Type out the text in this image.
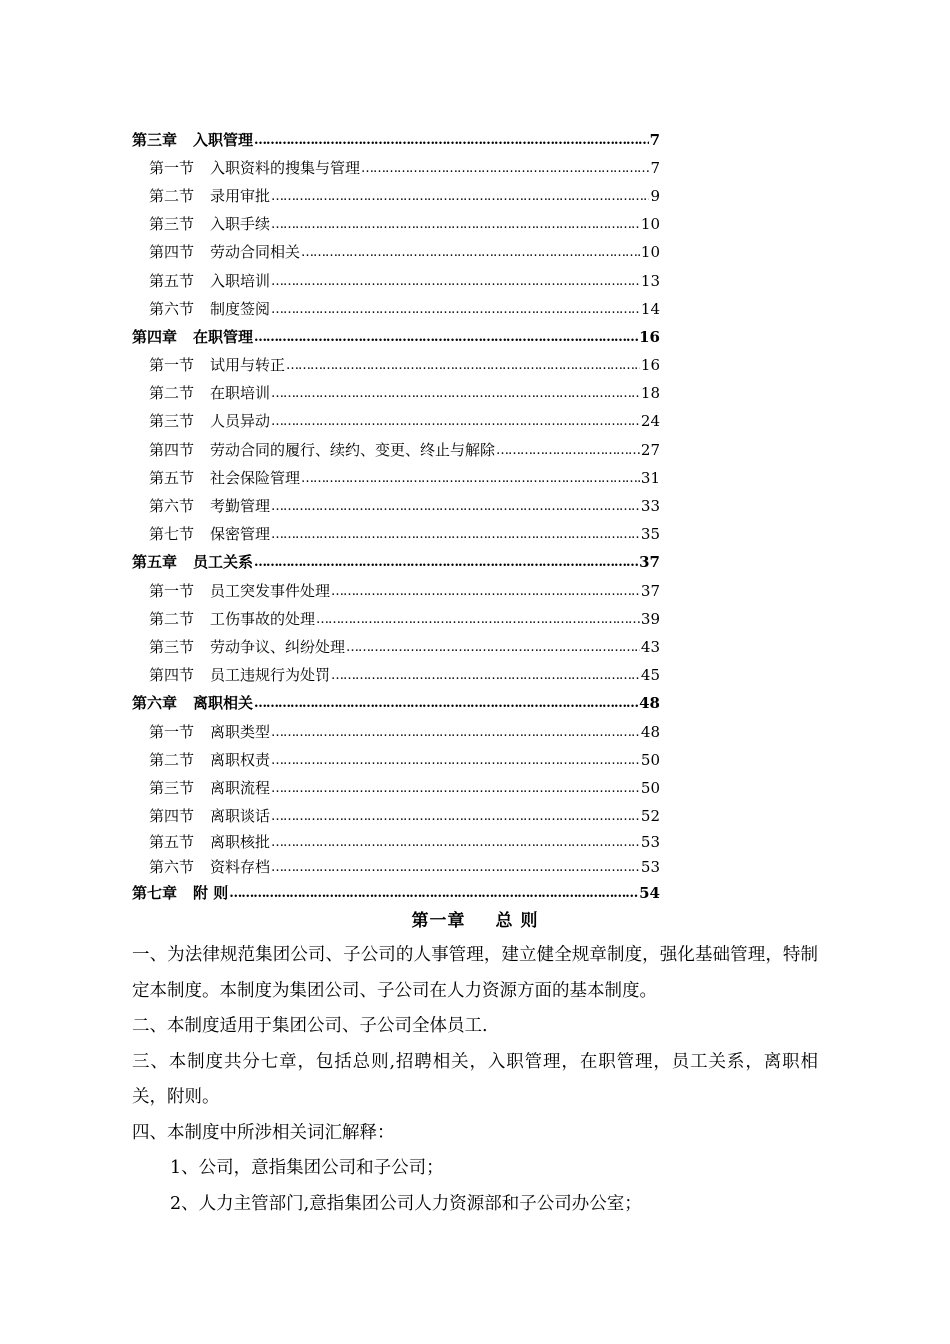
第三章 入职管理 ……………………………………………………………………………………………………………………………………………………………………………	7
第一节 入职资料的搜集与管理 ……………………………………………………………………………………………………………………………………………………………………………	7
第二节 录用审批 ……………………………………………………………………………………………………………………………………………………………………………	9
第三节 入职手续 ……………………………………………………………………………………………………………………………………………………………………………	10
第四节 劳动合同相关 ……………………………………………………………………………………………………………………………………………………………………………	10
第五节 入职培训 ……………………………………………………………………………………………………………………………………………………………………………	13
第六节 制度签阅 ……………………………………………………………………………………………………………………………………………………………………………	14
第四章 在职管理 ……………………………………………………………………………………………………………………………………………………………………………	16
第一节 试用与转正 ……………………………………………………………………………………………………………………………………………………………………………	16
第二节 在职培训 ……………………………………………………………………………………………………………………………………………………………………………	18
第三节 人员异动 ……………………………………………………………………………………………………………………………………………………………………………	24
第四节 劳动合同的履行、续约、变更、终止与解除 ……………………………………………………………………………………………………………………………………………………………………………	27
第五节 社会保险管理 ……………………………………………………………………………………………………………………………………………………………………………	31
第六节 考勤管理 ……………………………………………………………………………………………………………………………………………………………………………	33
第七节 保密管理 ……………………………………………………………………………………………………………………………………………………………………………	35
第五章 员工关系 ……………………………………………………………………………………………………………………………………………………………………………	37
第一节 员工突发事件处理 ……………………………………………………………………………………………………………………………………………………………………………	37
第二节 工伤事故的处理 ……………………………………………………………………………………………………………………………………………………………………………	39
第三节 劳动争议、纠纷处理 ……………………………………………………………………………………………………………………………………………………………………………	43
第四节 员工违规行为处罚 ……………………………………………………………………………………………………………………………………………………………………………	45
第六章 离职相关 ……………………………………………………………………………………………………………………………………………………………………………	48
第一节 离职类型 ……………………………………………………………………………………………………………………………………………………………………………	48
第二节 离职权责 ……………………………………………………………………………………………………………………………………………………………………………	50
第三节 离职流程 ……………………………………………………………………………………………………………………………………………………………………………	50
第四节 离职谈话 ……………………………………………………………………………………………………………………………………………………………………………	52
第五节 离职核批 ……………………………………………………………………………………………………………………………………………………………………………	53
第六节 资料存档 ……………………………………………………………………………………………………………………………………………………………………………	53
第七章 附 则 ……………………………………………………………………………………………………………………………………………………………………………	54
第一章 总 则

一、为法律规范集团公司、子公司的人事管理，建立健全规章制度，强化基础管理，特制定本制度。本制度为集团公司、子公司在人力资源方面的基本制度。

二、本制度适用于集团公司、子公司全体员工.

三、本制度共分七章，包括总则,招聘相关，入职管理，在职管理，员工关系，离职相关，附则。

四、本制度中所涉相关词汇解释：

1、公司，意指集团公司和子公司；

2、人力主管部门,意指集团公司人力资源部和子公司办公室；
